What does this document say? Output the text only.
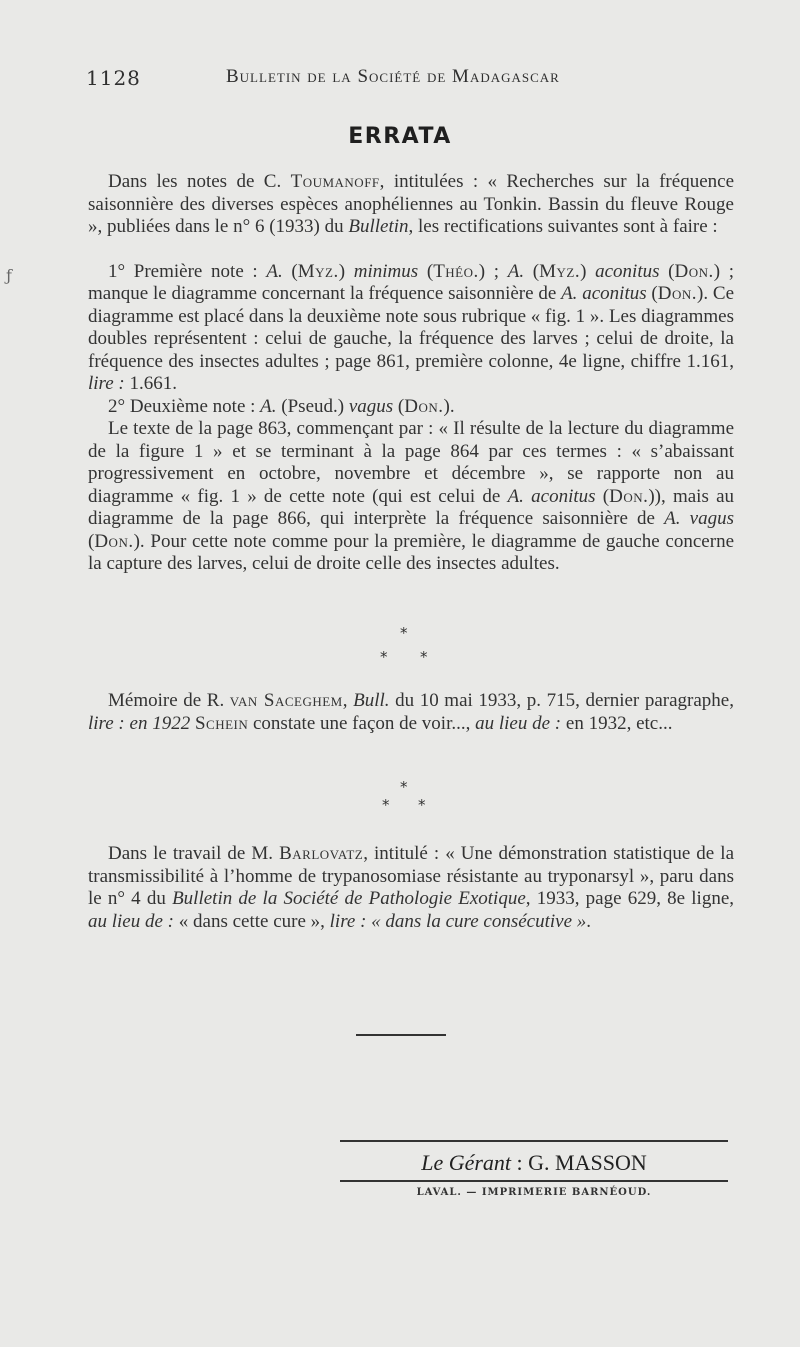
ƒ
1128	Bulletin de la Société de Madagascar
ERRATA

Dans les notes de C. Toumanoff, intitulées : « Recherches sur la fréquence saisonnière des diverses espèces anophéliennes au Tonkin. Bassin du fleuve Rouge », publiées dans le n° 6 (1933) du Bulletin, les rectifications suivantes sont à faire :

1° Première note : A. (Myz.) minimus (Théo.) ; A. (Myz.) aconitus (Don.) ; manque le diagramme concernant la fréquence saisonnière de A. aconitus (Don.). Ce diagramme est placé dans la deuxième note sous rubrique « fig. 1 ». Les diagrammes doubles représentent : celui de gauche, la fréquence des larves ; celui de droite, la fréquence des insectes adultes ; page 861, première colonne, 4e ligne, chiffre 1.161, lire : 1.661.

2° Deuxième note : A. (Pseud.) vagus (Don.).

Le texte de la page 863, commençant par : « Il résulte de la lecture du diagramme de la figure 1 » et se terminant à la page 864 par ces termes : « s’abaissant progressivement en octobre, novembre et décembre », se rapporte non au diagramme « fig. 1 » de cette note (qui est celui de A. aconitus (Don.)), mais au diagramme de la page 866, qui interprète la fréquence saisonnière de A. vagus (Don.). Pour cette note comme pour la première, le diagramme de gauche concerne la capture des larves, celui de droite celle des insectes adultes.

*
* *

Mémoire de R. van Saceghem, Bull. du 10 mai 1933, p. 715, dernier paragraphe, lire : en 1922 Schein constate une façon de voir..., au lieu de : en 1932, etc...

*
* *

Dans le travail de M. Barlovatz, intitulé : « Une démonstration statistique de la transmissibilité à l’homme de trypanosomiase résistante au tryponarsyl », paru dans le n° 4 du Bulletin de la Société de Pathologie Exotique, 1933, page 629, 8e ligne, au lieu de : « dans cette cure », lire : « dans la cure consécutive ».

Le Gérant : G. MASSON
LAVAL. — IMPRIMERIE BARNÉOUD.
